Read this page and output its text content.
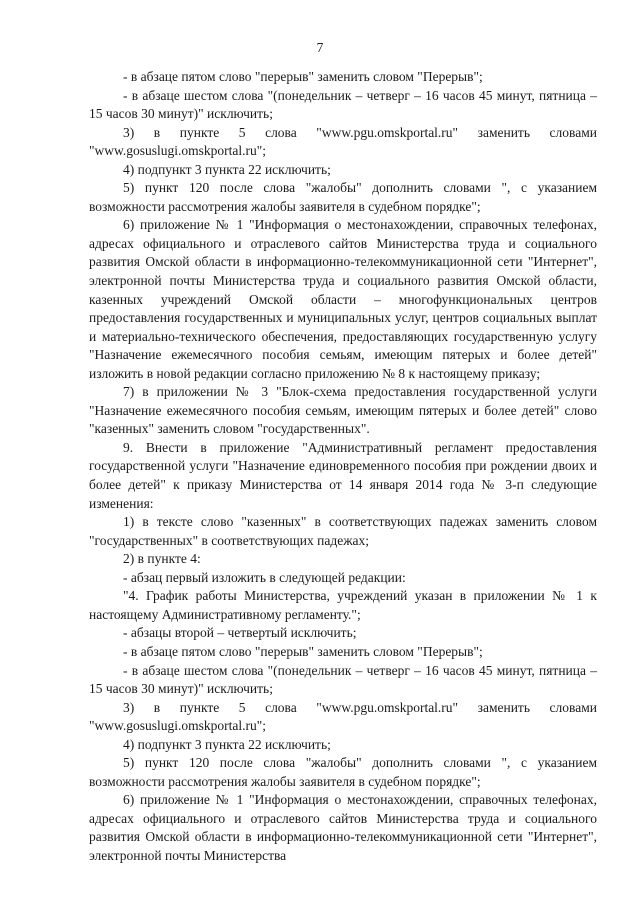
7

- в абзаце пятом слово "перерыв" заменить словом "Перерыв";

- в абзаце шестом слова "(понедельник – четверг – 16 часов 45 минут, пятница – 15 часов 30 минут)" исключить;

3) в пункте 5 слова "www.pgu.omskportal.ru" заменить словами "www.gosuslugi.omskportal.ru";

4) подпункт 3 пункта 22 исключить;

5) пункт 120 после слова "жалобы" дополнить словами ", с указанием возможности рассмотрения жалобы заявителя в судебном порядке";

6) приложение № 1 "Информация о местонахождении, справочных телефонах, адресах официального и отраслевого сайтов Министерства труда и социального развития Омской области в информационно-телекоммуникационной сети "Интернет", электронной почты Министерства труда и социального развития Омской области, казенных учреждений Омской области – многофункциональных центров предоставления государственных и муниципальных услуг, центров социальных выплат и материально-технического обеспечения, предоставляющих государственную услугу "Назначение ежемесячного пособия семьям, имеющим пятерых и более детей" изложить в новой редакции согласно приложению № 8 к настоящему приказу;

7) в приложении № 3 "Блок-схема предоставления государственной услуги "Назначение ежемесячного пособия семьям, имеющим пятерых и более детей" слово "казенных" заменить словом "государственных".

9. Внести в приложение "Административный регламент предоставления государственной услуги "Назначение единовременного пособия при рождении двоих и более детей" к приказу Министерства от 14 января 2014 года № 3-п следующие изменения:

1) в тексте слово "казенных" в соответствующих падежах заменить словом "государственных" в соответствующих падежах;

2) в пункте 4:

- абзац первый изложить в следующей редакции:

"4. График работы Министерства, учреждений указан в приложении № 1 к настоящему Административному регламенту.";

- абзацы второй – четвертый исключить;

- в абзаце пятом слово "перерыв" заменить словом "Перерыв";

- в абзаце шестом слова "(понедельник – четверг – 16 часов 45 минут, пятница – 15 часов 30 минут)" исключить;

3) в пункте 5 слова "www.pgu.omskportal.ru" заменить словами "www.gosuslugi.omskportal.ru";

4) подпункт 3 пункта 22 исключить;

5) пункт 120 после слова "жалобы" дополнить словами ", с указанием возможности рассмотрения жалобы заявителя в судебном порядке";

6) приложение № 1 "Информация о местонахождении, справочных телефонах, адресах официального и отраслевого сайтов Министерства труда и социального развития Омской области в информационно-телекоммуникационной сети "Интернет", электронной почты Министерства
